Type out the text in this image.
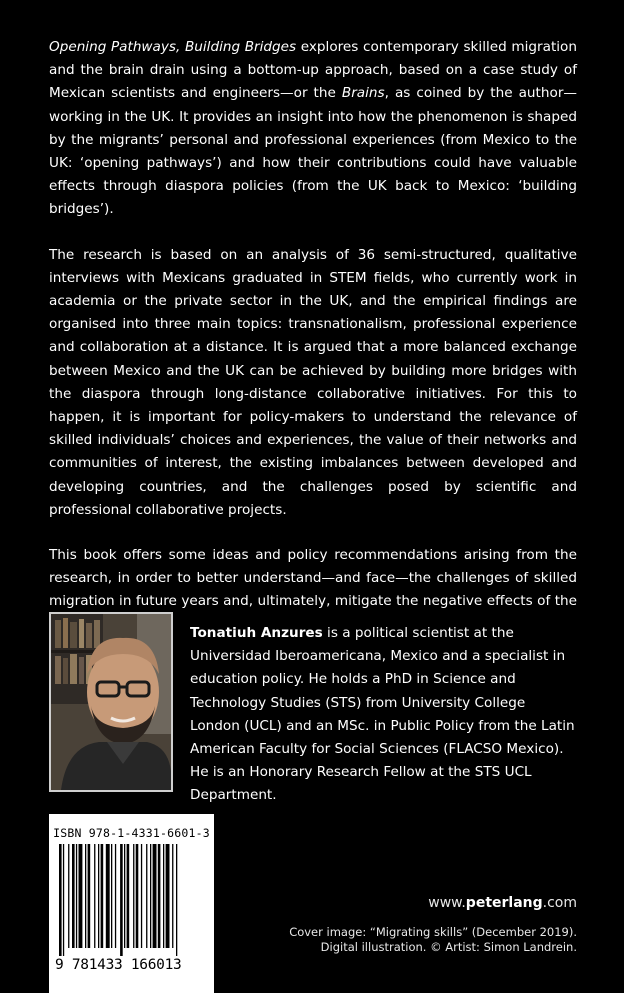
Opening Pathways, Building Bridges explores contemporary skilled migration and the brain drain using a bottom-up approach, based on a case study of Mexican scientists and engineers—or the Brains, as coined by the author—working in the UK. It provides an insight into how the phenomenon is shaped by the migrants’ personal and professional experiences (from Mexico to the UK: ‘opening pathways’) and how their contributions could have valuable effects through diaspora policies (from the UK back to Mexico: ‘building bridges’).

The research is based on an analysis of 36 semi-structured, qualitative interviews with Mexicans graduated in STEM fields, who currently work in academia or the private sector in the UK, and the empirical findings are organised into three main topics: transnationalism, professional experience and collaboration at a distance. It is argued that a more balanced exchange between Mexico and the UK can be achieved by building more bridges with the diaspora through long-distance collaborative initiatives. For this to happen, it is important for policy-makers to understand the relevance of skilled individuals’ choices and experiences, the value of their networks and communities of interest, the existing imbalances between developed and developing countries, and the challenges posed by scientific and professional collaborative projects.

This book offers some ideas and policy recommendations arising from the research, in order to better understand—and face—the challenges of skilled migration in future years and, ultimately, mitigate the negative effects of the

Tonatiuh Anzures is a political scientist at the Universidad Iberoamericana, Mexico and a specialist in education policy. He holds a PhD in Science and Technology Studies (STS) from University College London (UCL) and an MSc. in Public Policy from the Latin American Faculty for Social Sciences (FLACSO Mexico). He is an Honorary Research Fellow at the STS UCL Department.

ISBN 978-1-4331-6601-3
9 781433 166013
www.peterlang.com
Cover image: “Migrating skills” (December 2019).
Digital illustration. © Artist: Simon Landrein.
